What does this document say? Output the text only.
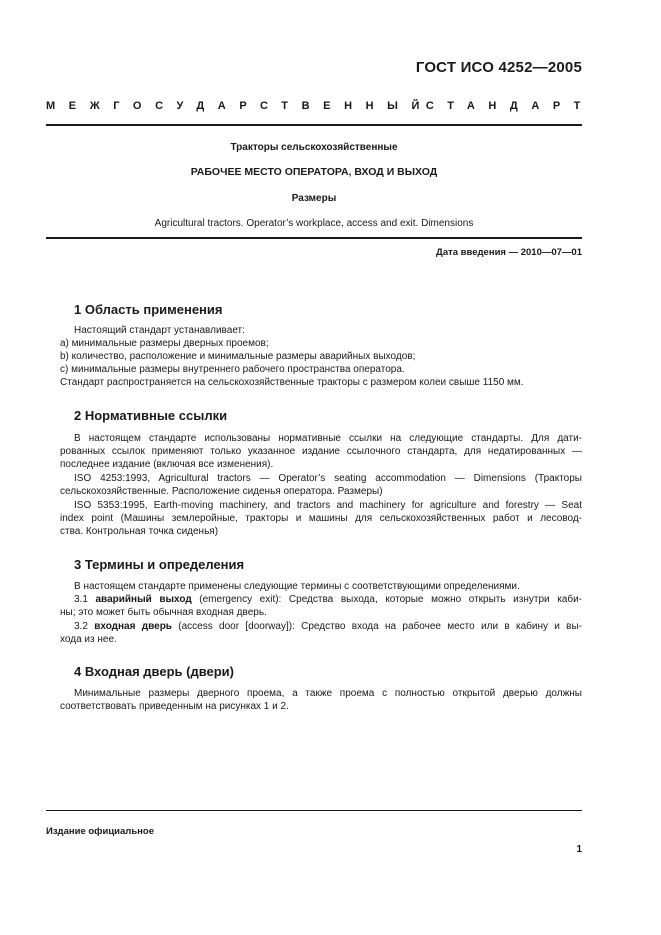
ГОСТ ИСО 4252—2005
МЕЖГОСУДАРСТВЕННЫЙ
СТАНДАРТ
Тракторы сельскохозяйственные
РАБОЧЕЕ МЕСТО ОПЕРАТОРА, ВХОД И ВЫХОД
Размеры
Agricultural tractors. Operator’s workplace, access and exit. Dimensions
Дата введения — 2010—07—01
1 Область применения
Настоящий стандарт устанавливает:
a) минимальные размеры дверных проемов;
b) количество, расположение и минимальные размеры аварийных выходов;
c) минимальные размеры внутреннего рабочего пространства оператора.
Стандарт распространяется на сельскохозяйственные тракторы с размером колеи свыше 1150 мм.
2 Нормативные ссылки
В настоящем стандарте использованы нормативные ссылки на следующие стандарты. Для дати-
рованных ссылок применяют только указанное издание ссылочного стандарта, для недатированных —
последнее издание (включая все изменения).
ISO 4253:1993, Agricultural tractors — Operator’s seating accommodation — Dimensions (Тракторы
сельскохозяйственные. Расположение сиденья оператора. Размеры)
ISO 5353:1995, Earth-moving machinery, and tractors and machinery for agriculture and forestry — Seat
index point (Машины землеройные, тракторы и машины для сельскохозяйственных работ и лесовод-
ства. Контрольная точка сиденья)
3 Термины и определения
В настоящем стандарте применены следующие термины с соответствующими определениями.
3.1 аварийный выход (emergency exit): Средства выхода, которые можно открыть изнутри каби-
ны; это может быть обычная входная дверь.
3.2 входная дверь (access door [doorway]): Средство входа на рабочее место или в кабину и вы-
хода из нее.
4 Входная дверь (двери)
Минимальные размеры дверного проема, а также проема с полностью открытой дверью должны
соответствовать приведенным на рисунках 1 и 2.
Издание официальное
1
